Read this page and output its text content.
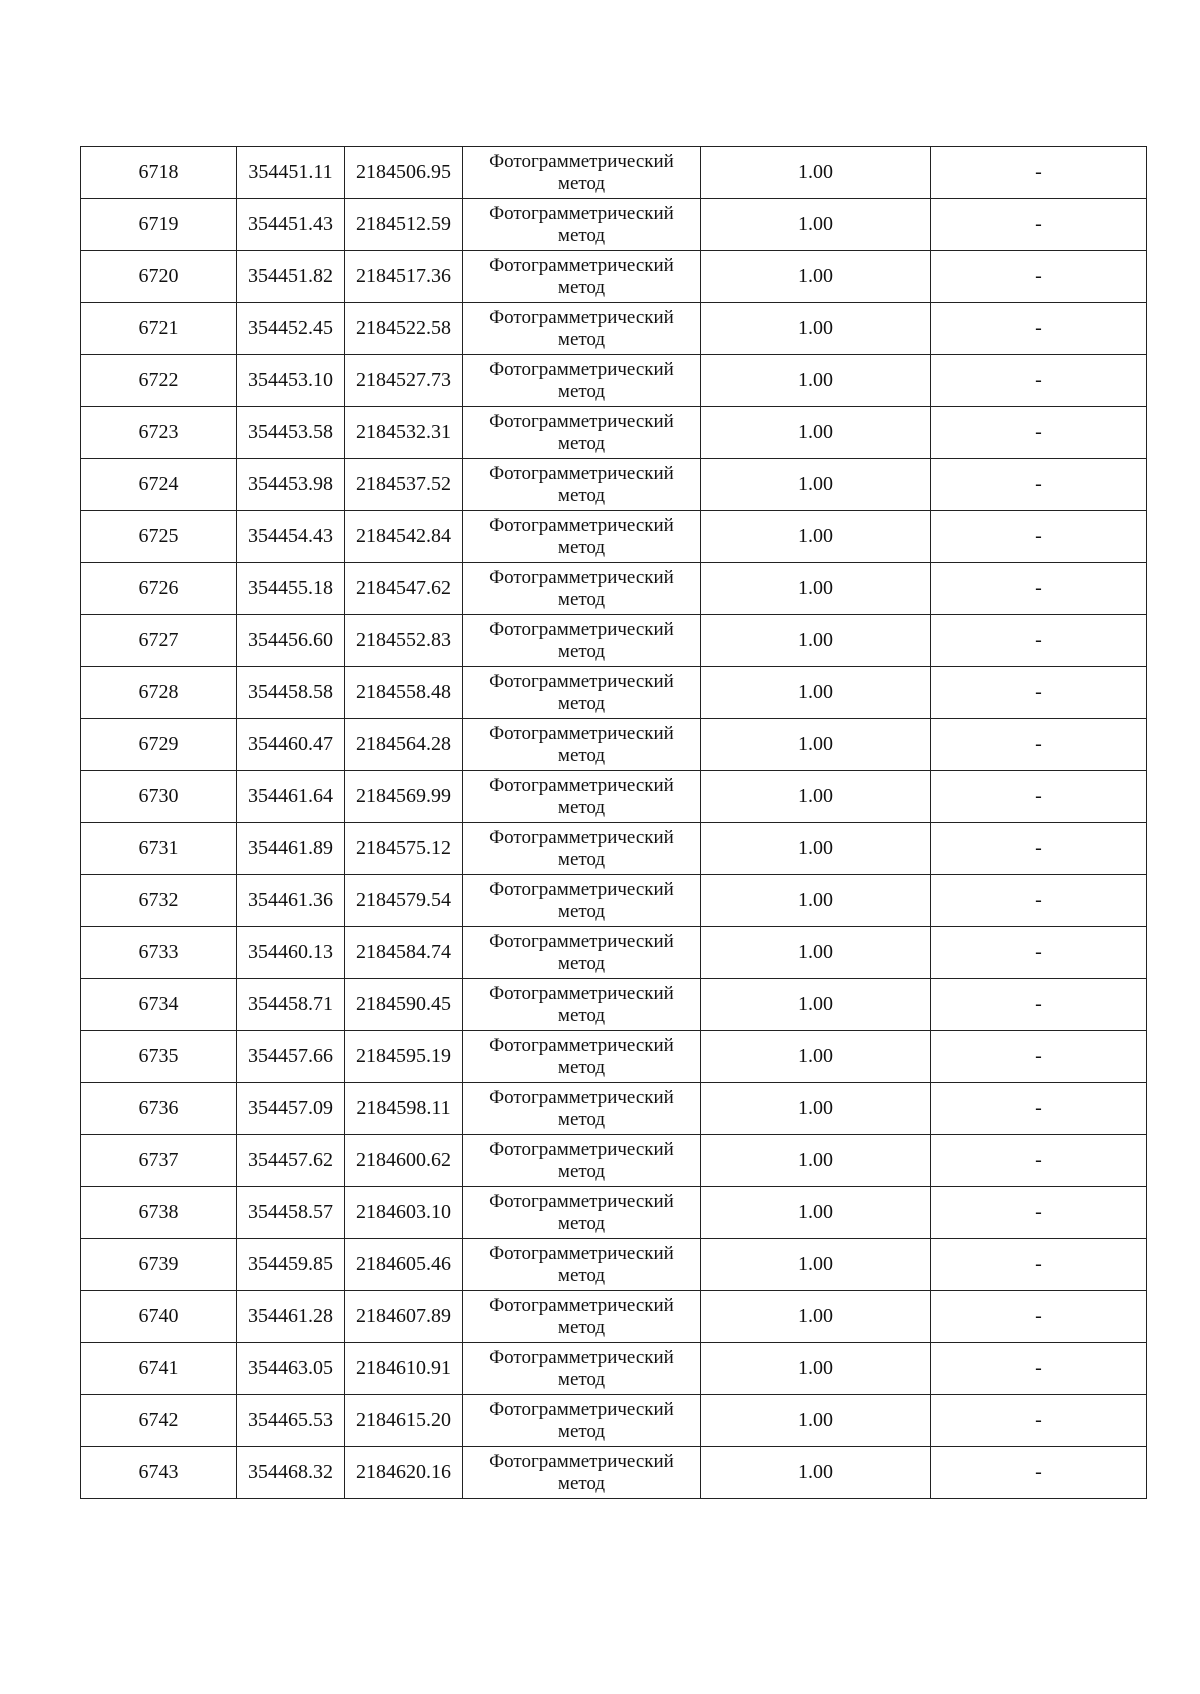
6718	354451.11	2184506.95	Фотограмметрический
метод	1.00	-
6719	354451.43	2184512.59	Фотограмметрический
метод	1.00	-
6720	354451.82	2184517.36	Фотограмметрический
метод	1.00	-
6721	354452.45	2184522.58	Фотограмметрический
метод	1.00	-
6722	354453.10	2184527.73	Фотограмметрический
метод	1.00	-
6723	354453.58	2184532.31	Фотограмметрический
метод	1.00	-
6724	354453.98	2184537.52	Фотограмметрический
метод	1.00	-
6725	354454.43	2184542.84	Фотограмметрический
метод	1.00	-
6726	354455.18	2184547.62	Фотограмметрический
метод	1.00	-
6727	354456.60	2184552.83	Фотограмметрический
метод	1.00	-
6728	354458.58	2184558.48	Фотограмметрический
метод	1.00	-
6729	354460.47	2184564.28	Фотограмметрический
метод	1.00	-
6730	354461.64	2184569.99	Фотограмметрический
метод	1.00	-
6731	354461.89	2184575.12	Фотограмметрический
метод	1.00	-
6732	354461.36	2184579.54	Фотограмметрический
метод	1.00	-
6733	354460.13	2184584.74	Фотограмметрический
метод	1.00	-
6734	354458.71	2184590.45	Фотограмметрический
метод	1.00	-
6735	354457.66	2184595.19	Фотограмметрический
метод	1.00	-
6736	354457.09	2184598.11	Фотограмметрический
метод	1.00	-
6737	354457.62	2184600.62	Фотограмметрический
метод	1.00	-
6738	354458.57	2184603.10	Фотограмметрический
метод	1.00	-
6739	354459.85	2184605.46	Фотограмметрический
метод	1.00	-
6740	354461.28	2184607.89	Фотограмметрический
метод	1.00	-
6741	354463.05	2184610.91	Фотограмметрический
метод	1.00	-
6742	354465.53	2184615.20	Фотограмметрический
метод	1.00	-
6743	354468.32	2184620.16	Фотограмметрический
метод	1.00	-
